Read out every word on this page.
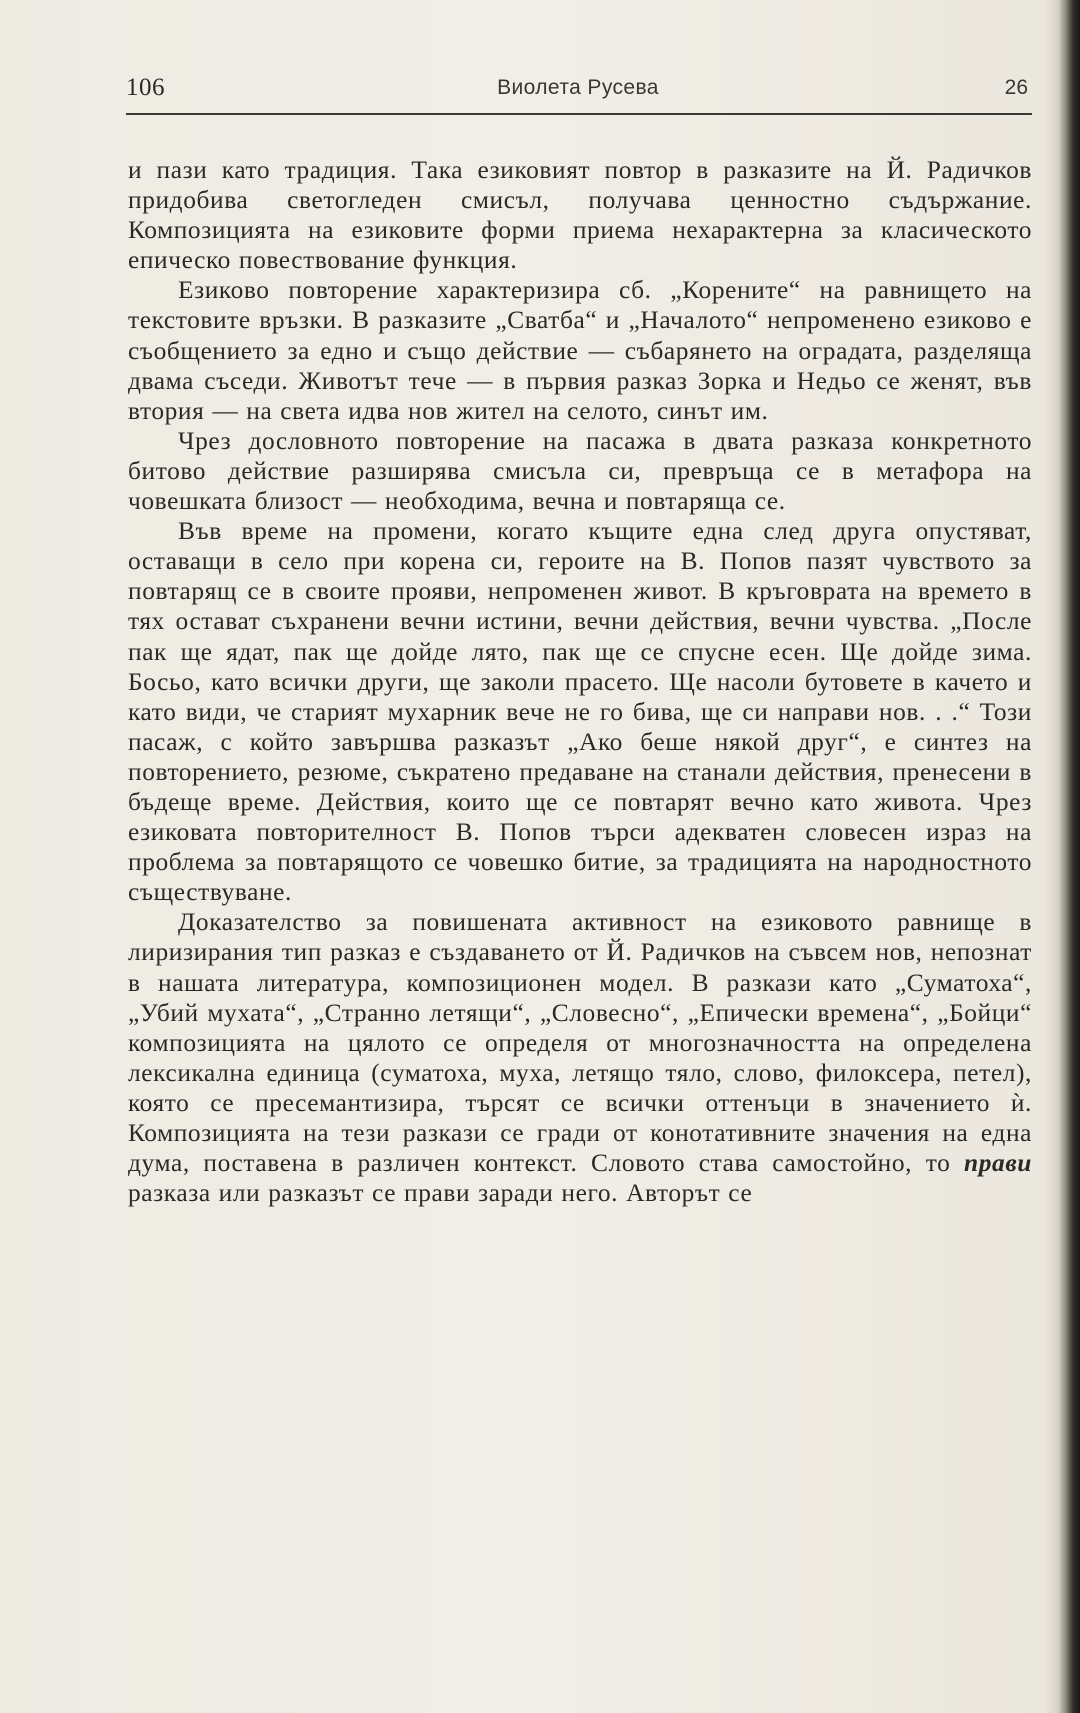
106	Виолета Русева	26

и пази като традиция. Така езиковият повтор в разказите на Й. Радичков придобива светогледен смисъл, получава ценностно съдържание. Композицията на езиковите форми приема нехарактерна за класическото епическо повествование функция.

Езиково повторение характеризира сб. „Корените“ на равнището на текстовите връзки. В разказите „Сватба“ и „Началото“ непроменено езиково е съобщението за едно и също действие — събарянето на оградата, разделяща двама съседи. Животът тече — в първия разказ Зорка и Недьо се женят, във втория — на света идва нов жител на селото, синът им.

Чрез дословното повторение на пасажа в двата разказа конкретното битово действие разширява смисъла си, превръща се в метафора на човешката близост — необходима, вечна и повтаряща се.

Във време на промени, когато къщите една след друга опустяват, оставащи в село при корена си, героите на В. Попов пазят чувството за повтарящ се в своите прояви, непроменен живот. В кръговрата на времето в тях остават съхранени вечни истини, вечни действия, вечни чувства. „После пак ще ядат, пак ще дойде лято, пак ще се спусне есен. Ще дойде зима. Босьо, като всички други, ще заколи прасето. Ще насоли бутовете в качето и като види, че старият мухарник вече не го бива, ще си направи нов. . .“ Този пасаж, с който завършва разказът „Ако беше някой друг“, е синтез на повторението, резюме, съкратено предаване на станали действия, пренесени в бъдеще време. Действия, които ще се повтарят вечно като живота. Чрез езиковата повторителност В. Попов търси адекватен словесен израз на проблема за повтарящото се човешко битие, за традицията на народностното съществуване.

Доказателство за повишената активност на езиковото равнище в лиризирания тип разказ е създаването от Й. Радичков на съвсем нов, непознат в нашата литература, композиционен модел. В разкази като „Суматоха“, „Убий мухата“, „Странно летящи“, „Словесно“, „Епически времена“, „Бойци“ композицията на цялото се определя от многозначността на определена лексикална единица (суматоха, муха, летящо тяло, слово, филоксера, петел), която се пресемантизира, търсят се всички оттенъци в значението ѝ. Композицията на тези разкази се гради от конотативните значения на една дума, поставена в различен контекст. Словото става самостойно, то прави разказа или разказът се прави заради него. Авторът се
